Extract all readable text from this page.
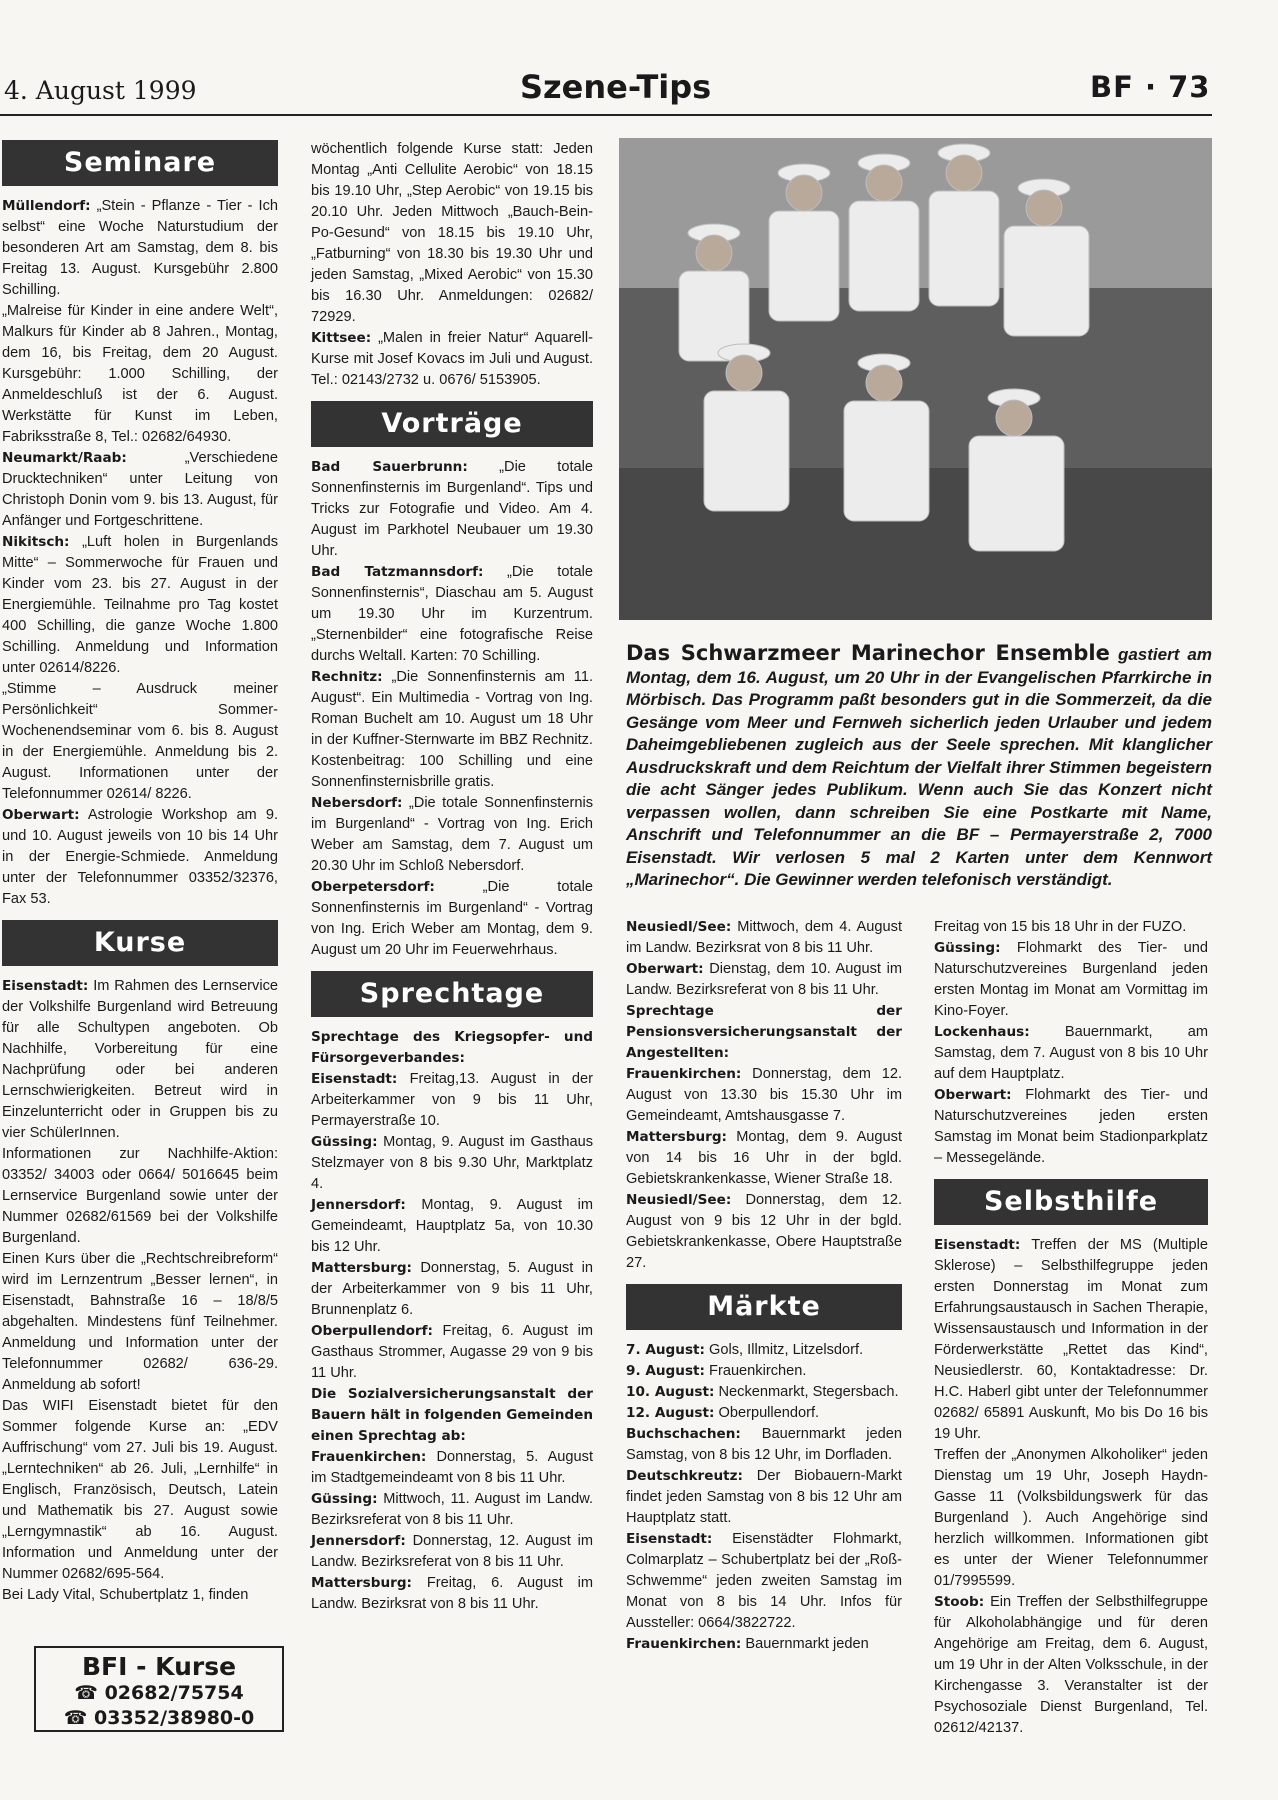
4. August 1999	Szene-Tips	BF · 73
Seminare

Müllendorf: „Stein - Pflanze - Tier - Ich selbst“ eine Woche Naturstudium der besonderen Art am Samstag, dem 8. bis Freitag 13. August. Kursgebühr 2.800 Schilling.

„Malreise für Kinder in eine andere Welt“, Malkurs für Kinder ab 8 Jahren., Montag, dem 16, bis Freitag, dem 20 August. Kursgebühr: 1.000 Schilling, der Anmeldeschluß ist der 6. August. Werkstätte für Kunst im Leben, Fabriksstraße 8, Tel.: 02682/64930.

Neumarkt/Raab: „Verschiedene Drucktechniken“ unter Leitung von Christoph Donin vom 9. bis 13. August, für Anfänger und Fortgeschrittene.

Nikitsch: „Luft holen in Burgenlands Mitte“ – Sommerwoche für Frauen und Kinder vom 23. bis 27. August in der Energiemühle. Teilnahme pro Tag kostet 400 Schilling, die ganze Woche 1.800 Schilling. Anmeldung und Information unter 02614/8226.

„Stimme – Ausdruck meiner Persönlichkeit“ Sommer-Wochenendseminar vom 6. bis 8. August in der Energiemühle. Anmeldung bis 2. August. Informationen unter der Telefonnummer 02614/ 8226.

Oberwart: Astrologie Workshop am 9. und 10. August jeweils von 10 bis 14 Uhr in der Energie-Schmiede. Anmeldung unter der Telefonnummer 03352/32376, Fax 53.

Kurse

Eisenstadt: Im Rahmen des Lernservice der Volkshilfe Burgenland wird Betreuung für alle Schultypen angeboten. Ob Nachhilfe, Vorbereitung für eine Nachprüfung oder bei anderen Lernschwierigkeiten. Betreut wird in Einzelunterricht oder in Gruppen bis zu vier SchülerInnen.

Informationen zur Nachhilfe-Aktion: 03352/ 34003 oder 0664/ 5016645 beim Lernservice Burgenland sowie unter der Nummer 02682/61569 bei der Volkshilfe Burgenland.

Einen Kurs über die „Rechtschreibreform“ wird im Lernzentrum „Besser lernen“, in Eisenstadt, Bahnstraße 16 – 18/8/5 abgehalten. Mindestens fünf Teilnehmer. Anmeldung und Information unter der Telefonnummer 02682/ 636-29. Anmeldung ab sofort!

Das WIFI Eisenstadt bietet für den Sommer folgende Kurse an: „EDV Auffrischung“ vom 27. Juli bis 19. August. „Lerntechniken“ ab 26. Juli, „Lernhilfe“ in Englisch, Französisch, Deutsch, Latein und Mathematik bis 27. August sowie „Lerngymnastik“ ab 16. August. Information und Anmeldung unter der Nummer 02682/695-564.

Bei Lady Vital, Schubertplatz 1, finden

BFI - Kurse
☎ 02682/75754
☎ 03352/38980-0

wöchentlich folgende Kurse statt: Jeden Montag „Anti Cellulite Aerobic“ von 18.15 bis 19.10 Uhr, „Step Aerobic“ von 19.15 bis 20.10 Uhr. Jeden Mittwoch „Bauch-Bein-Po-Gesund“ von 18.15 bis 19.10 Uhr, „Fatburning“ von 18.30 bis 19.30 Uhr und jeden Samstag, „Mixed Aerobic“ von 15.30 bis 16.30 Uhr. Anmeldungen: 02682/ 72929.

Kittsee: „Malen in freier Natur“ Aquarell-Kurse mit Josef Kovacs im Juli und August. Tel.: 02143/2732 u. 0676/ 5153905.

Vorträge

Bad Sauerbrunn: „Die totale Sonnenfinsternis im Burgenland“. Tips und Tricks zur Fotografie und Video. Am 4. August im Parkhotel Neubauer um 19.30 Uhr.

Bad Tatzmannsdorf: „Die totale Sonnenfinsternis“, Diaschau am 5. August um 19.30 Uhr im Kurzentrum. „Sternenbilder“ eine fotografische Reise durchs Weltall. Karten: 70 Schilling.

Rechnitz: „Die Sonnenfinsternis am 11. August“. Ein Multimedia - Vortrag von Ing. Roman Buchelt am 10. August um 18 Uhr in der Kuffner-Sternwarte im BBZ Rechnitz. Kostenbeitrag: 100 Schilling und eine Sonnenfinsternisbrille gratis.

Nebersdorf: „Die totale Sonnenfinsternis im Burgenland“ - Vortrag von Ing. Erich Weber am Samstag, dem 7. August um 20.30 Uhr im Schloß Nebersdorf.

Oberpetersdorf: „Die totale Sonnenfinsternis im Burgenland“ - Vortrag von Ing. Erich Weber am Montag, dem 9. August um 20 Uhr im Feuerwehrhaus.

Sprechtage

Sprechtage des Kriegsopfer- und Fürsorgeverbandes:

Eisenstadt: Freitag,13. August in der Arbeiterkammer von 9 bis 11 Uhr, Permayerstraße 10.

Güssing: Montag, 9. August im Gasthaus Stelzmayer von 8 bis 9.30 Uhr, Marktplatz 4.

Jennersdorf: Montag, 9. August im Gemeindeamt, Hauptplatz 5a, von 10.30 bis 12 Uhr.

Mattersburg: Donnerstag, 5. August in der Arbeiterkammer von 9 bis 11 Uhr, Brunnenplatz 6.

Oberpullendorf: Freitag, 6. August im Gasthaus Strommer, Augasse 29 von 9 bis 11 Uhr.

Die Sozialversicherungsanstalt der Bauern hält in folgenden Gemeinden einen Sprechtag ab:

Frauenkirchen: Donnerstag, 5. August im Stadtgemeindeamt von 8 bis 11 Uhr.

Güssing: Mittwoch, 11. August im Landw. Bezirksreferat von 8 bis 11 Uhr.

Jennersdorf: Donnerstag, 12. August im Landw. Bezirksreferat von 8 bis 11 Uhr.

Mattersburg: Freitag, 6. August im Landw. Bezirksrat von 8 bis 11 Uhr.

Das Schwarzmeer Marinechor Ensemble gastiert am Montag, dem 16. August, um 20 Uhr in der Evangelischen Pfarrkirche in Mörbisch. Das Programm paßt besonders gut in die Sommerzeit, da die Gesänge vom Meer und Fernweh sicherlich jeden Urlauber und jedem Daheimgebliebenen zugleich aus der Seele sprechen. Mit klanglicher Ausdruckskraft und dem Reichtum der Vielfalt ihrer Stimmen begeistern die acht Sänger jedes Publikum. Wenn auch Sie das Konzert nicht verpassen wollen, dann schreiben Sie eine Postkarte mit Name, Anschrift und Telefonnummer an die BF – Permayerstraße 2, 7000 Eisenstadt. Wir verlosen 5 mal 2 Karten unter dem Kennwort „Marinechor“. Die Gewinner werden telefonisch verständigt.

Neusiedl/See: Mittwoch, dem 4. August im Landw. Bezirksrat von 8 bis 11 Uhr.

Oberwart: Dienstag, dem 10. August im Landw. Bezirksreferat von 8 bis 11 Uhr.

Sprechtage der Pensionsversicherungsanstalt der Angestellten:

Frauenkirchen: Donnerstag, dem 12. August von 13.30 bis 15.30 Uhr im Gemeindeamt, Amtshausgasse 7.

Mattersburg: Montag, dem 9. August von 14 bis 16 Uhr in der bgld. Gebietskrankenkasse, Wiener Straße 18.

Neusiedl/See: Donnerstag, dem 12. August von 9 bis 12 Uhr in der bgld. Gebietskrankenkasse, Obere Hauptstraße 27.

Märkte

7. August: Gols, Illmitz, Litzelsdorf.

9. August: Frauenkirchen.

10. August: Neckenmarkt, Stegersbach.

12. August: Oberpullendorf.

Buchschachen: Bauernmarkt jeden Samstag, von 8 bis 12 Uhr, im Dorfladen.

Deutschkreutz: Der Biobauern-Markt findet jeden Samstag von 8 bis 12 Uhr am Hauptplatz statt.

Eisenstadt: Eisenstädter Flohmarkt, Colmarplatz – Schubertplatz bei der „Roß-Schwemme“ jeden zweiten Samstag im Monat von 8 bis 14 Uhr. Infos für Aussteller: 0664/3822722.

Frauenkirchen: Bauernmarkt jeden

Freitag von 15 bis 18 Uhr in der FUZO.

Güssing: Flohmarkt des Tier- und Naturschutzvereines Burgenland jeden ersten Montag im Monat am Vormittag im Kino-Foyer.

Lockenhaus: Bauernmarkt, am Samstag, dem 7. August von 8 bis 10 Uhr auf dem Hauptplatz.

Oberwart: Flohmarkt des Tier- und Naturschutzvereines jeden ersten Samstag im Monat beim Stadionparkplatz – Messegelände.

Selbsthilfe

Eisenstadt: Treffen der MS (Multiple Sklerose) – Selbsthilfegruppe jeden ersten Donnerstag im Monat zum Erfahrungsaustausch in Sachen Therapie, Wissensaustausch und Information in der Förderwerkstätte „Rettet das Kind“, Neusiedlerstr. 60, Kontaktadresse: Dr. H.C. Haberl gibt unter der Telefonnummer 02682/ 65891 Auskunft, Mo bis Do 16 bis 19 Uhr.

Treffen der „Anonymen Alkoholiker“ jeden Dienstag um 19 Uhr, Joseph Haydn-Gasse 11 (Volksbildungswerk für das Burgenland ). Auch Angehörige sind herzlich willkommen. Informationen gibt es unter der Wiener Telefonnummer 01/7995599.

Stoob: Ein Treffen der Selbsthilfegruppe für Alkoholabhängige und für deren Angehörige am Freitag, dem 6. August, um 19 Uhr in der Alten Volksschule, in der Kirchengasse 3. Veranstalter ist der Psychosoziale Dienst Burgenland, Tel. 02612/42137.
